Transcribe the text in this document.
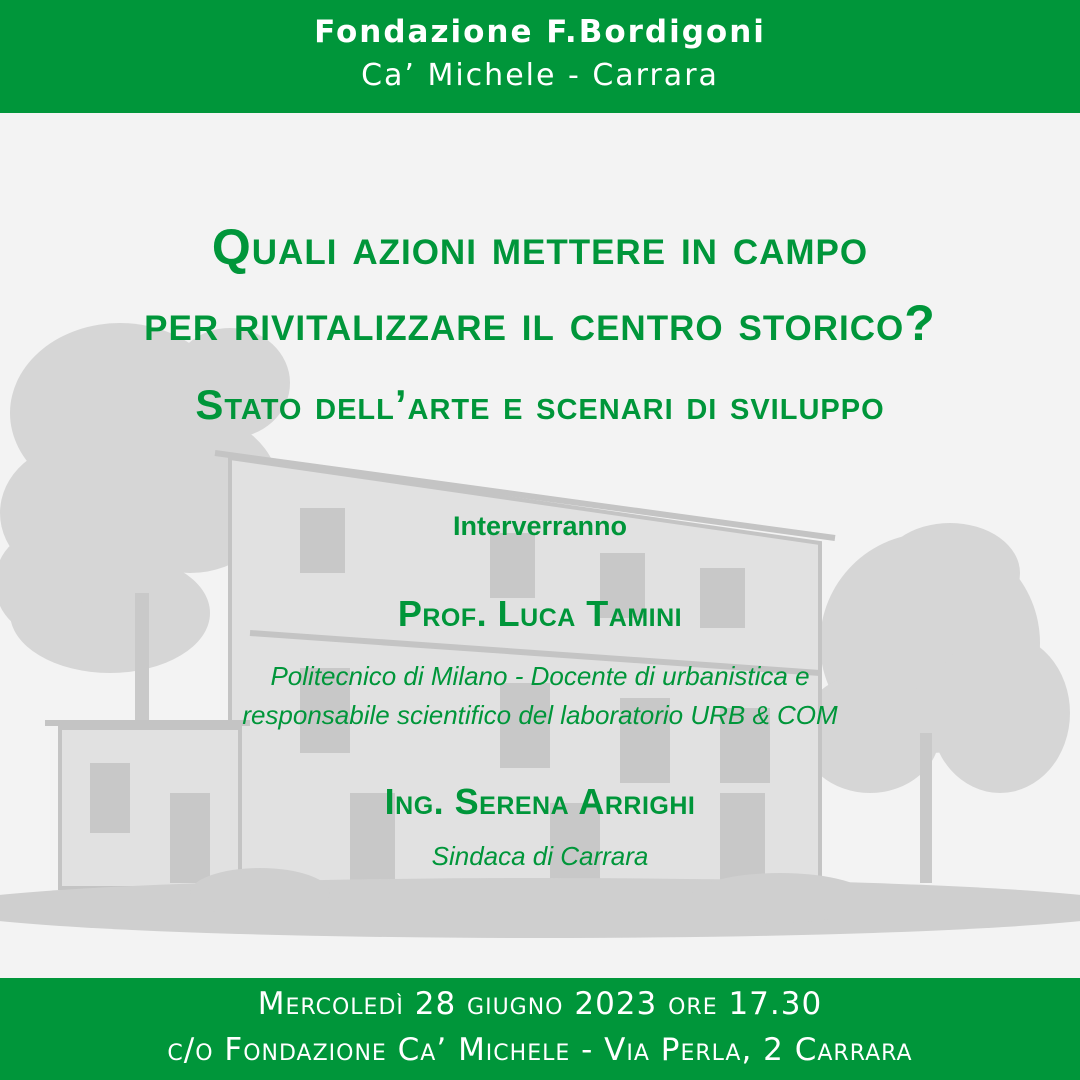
Fondazione F.Bordigoni
Ca’ Michele - Carrara
Quali azioni mettere in campo
per rivitalizzare il centro storico?
Stato dell’arte e scenari di sviluppo
Interverranno
Prof. Luca Tamini
Politecnico di Milano - Docente di urbanistica e
responsabile scientifico del laboratorio URB & COM
Ing. Serena Arrighi
Sindaca di Carrara
Mercoledì 28 giugno 2023 ore 17.30
c/o Fondazione Ca’ Michele - Via Perla, 2 Carrara
